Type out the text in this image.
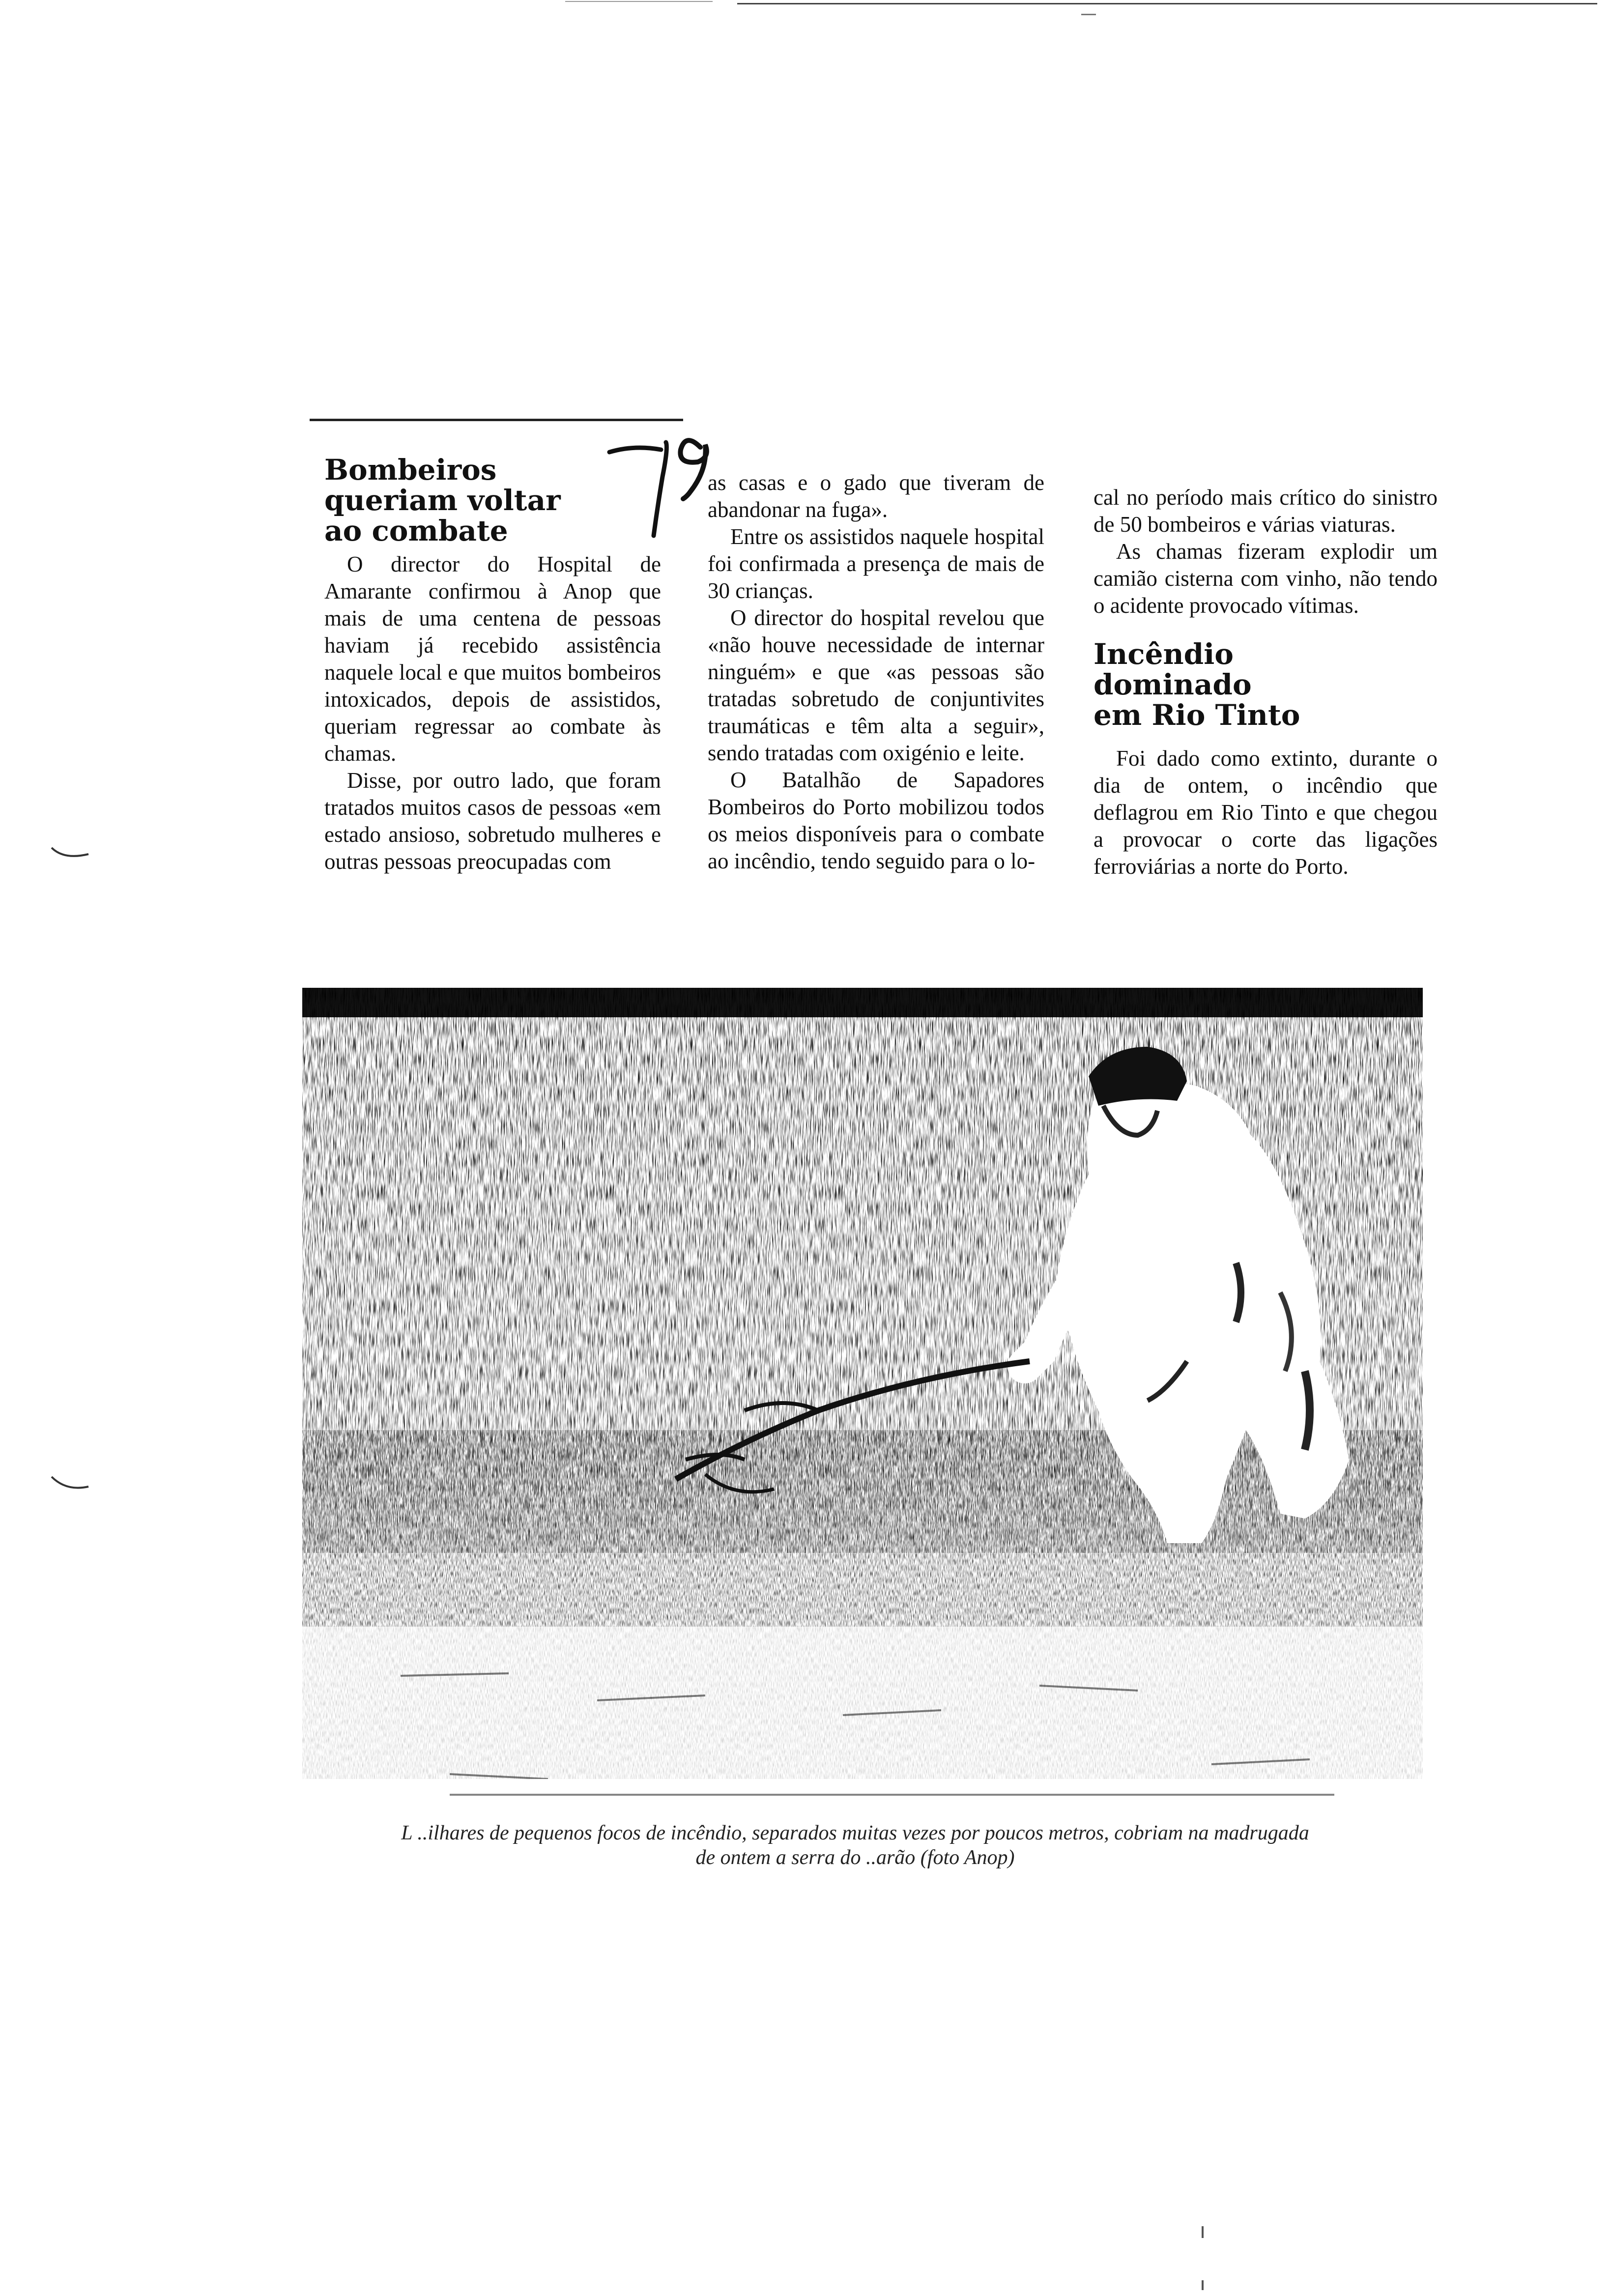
Bombeiros
queriam voltar
ao combate

O director do Hospital de Amarante confirmou à Anop que mais de uma centena de pessoas haviam já recebido assistência naquele local e que muitos bombeiros intoxicados, depois de assistidos, queriam regressar ao combate às chamas.

Disse, por outro lado, que foram tratados muitos casos de pessoas «em estado ansioso, sobretudo mulheres e outras pessoas preocupadas com

as casas e o gado que tiveram de abandonar na fuga».

Entre os assistidos naquele hospital foi confirmada a presença de mais de 30 crianças.

O director do hospital revelou que «não houve necessidade de internar ninguém» e que «as pessoas são tratadas sobretudo de conjuntivites traumáticas e têm alta a seguir», sendo tratadas com oxigénio e leite.

O Batalhão de Sapadores Bombeiros do Porto mobilizou todos os meios disponíveis para o combate ao incêndio, tendo seguido para o lo-

cal no período mais crítico do sinistro de 50 bombeiros e várias viaturas.

As chamas fizeram explodir um camião cisterna com vinho, não tendo o acidente provocado vítimas.

Incêndio
dominado
em Rio Tinto

Foi dado como extinto, durante o dia de ontem, o incêndio que deflagrou em Rio Tinto e que chegou a provocar o corte das ligações ferroviárias a norte do Porto.

L ..ilhares de pequenos focos de incêndio, separados muitas vezes por poucos metros, cobriam na madrugada
de ontem a serra do ..arão (foto Anop)
